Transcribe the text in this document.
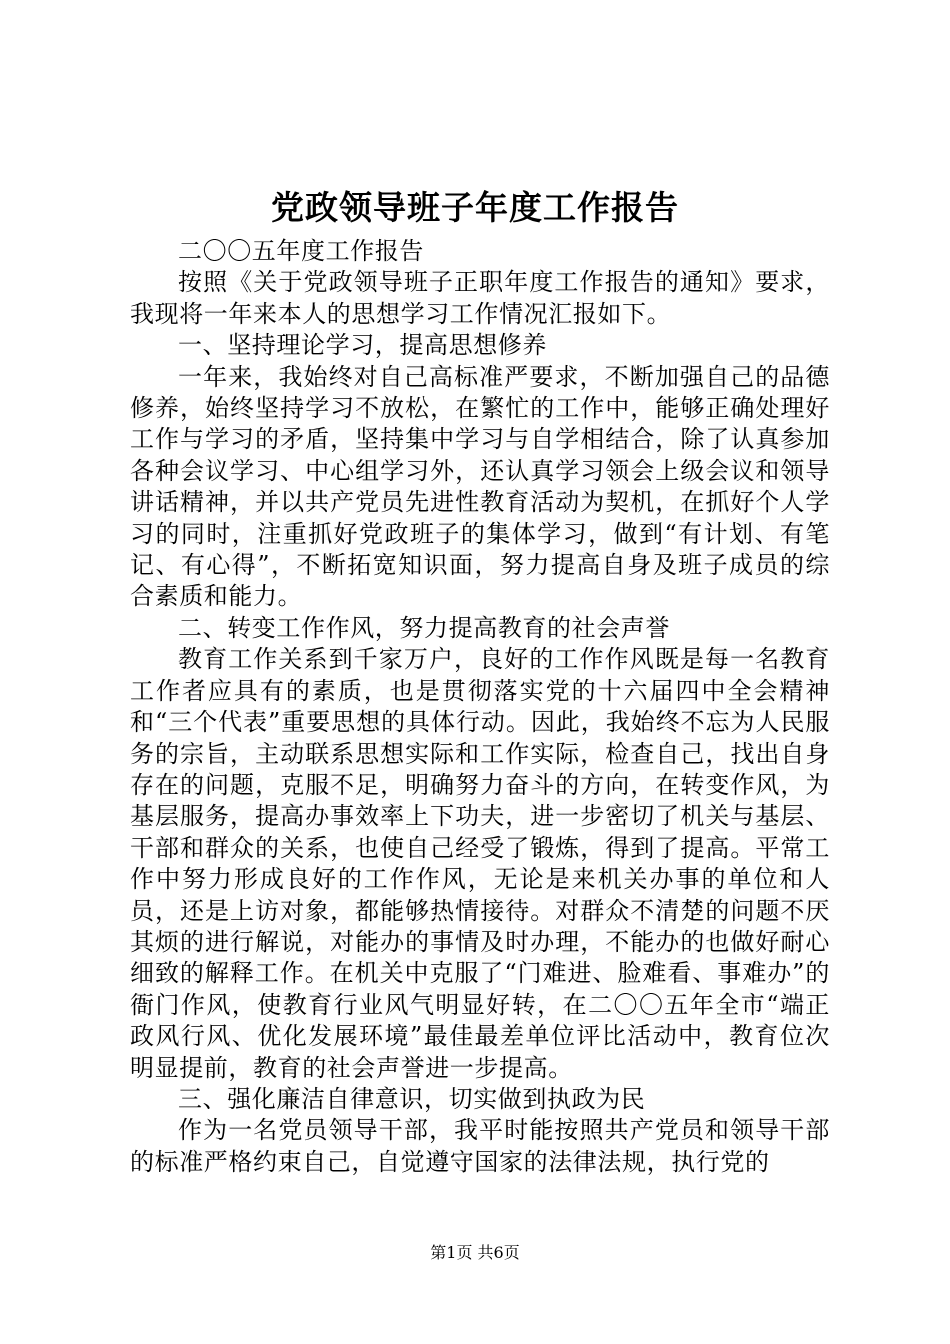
党政领导班子年度工作报告

二〇〇五年度工作报告

按照《关于党政领导班子正职年度工作报告的通知》要求，我现将一年来本人的思想学习工作情况汇报如下。

一、坚持理论学习，提高思想修养

一年来，我始终对自己高标准严要求，不断加强自己的品德修养，始终坚持学习不放松，在繁忙的工作中，能够正确处理好工作与学习的矛盾，坚持集中学习与自学相结合，除了认真参加各种会议学习、中心组学习外，还认真学习领会上级会议和领导讲话精神，并以共产党员先进性教育活动为契机，在抓好个人学习的同时，注重抓好党政班子的集体学习，做到“有计划、有笔记、有心得”，不断拓宽知识面，努力提高自身及班子成员的综合素质和能力。

二、转变工作作风，努力提高教育的社会声誉

教育工作关系到千家万户，良好的工作作风既是每一名教育工作者应具有的素质，也是贯彻落实党的十六届四中全会精神和“三个代表”重要思想的具体行动。因此，我始终不忘为人民服务的宗旨，主动联系思想实际和工作实际，检查自己，找出自身存在的问题，克服不足，明确努力奋斗的方向，在转变作风，为基层服务，提高办事效率上下功夫，进一步密切了机关与基层、干部和群众的关系，也使自己经受了锻炼，得到了提高。平常工作中努力形成良好的工作作风，无论是来机关办事的单位和人员，还是上访对象，都能够热情接待。对群众不清楚的问题不厌其烦的进行解说，对能办的事情及时办理，不能办的也做好耐心细致的解释工作。在机关中克服了“门难进、脸难看、事难办”的衙门作风，使教育行业风气明显好转，在二〇〇五年全市“端正政风行风、优化发展环境”最佳最差单位评比活动中，教育位次明显提前，教育的社会声誉进一步提高。

三、强化廉洁自律意识，切实做到执政为民

作为一名党员领导干部，我平时能按照共产党员和领导干部的标准严格约束自己，自觉遵守国家的法律法规，执行党的

第1页 共6页
